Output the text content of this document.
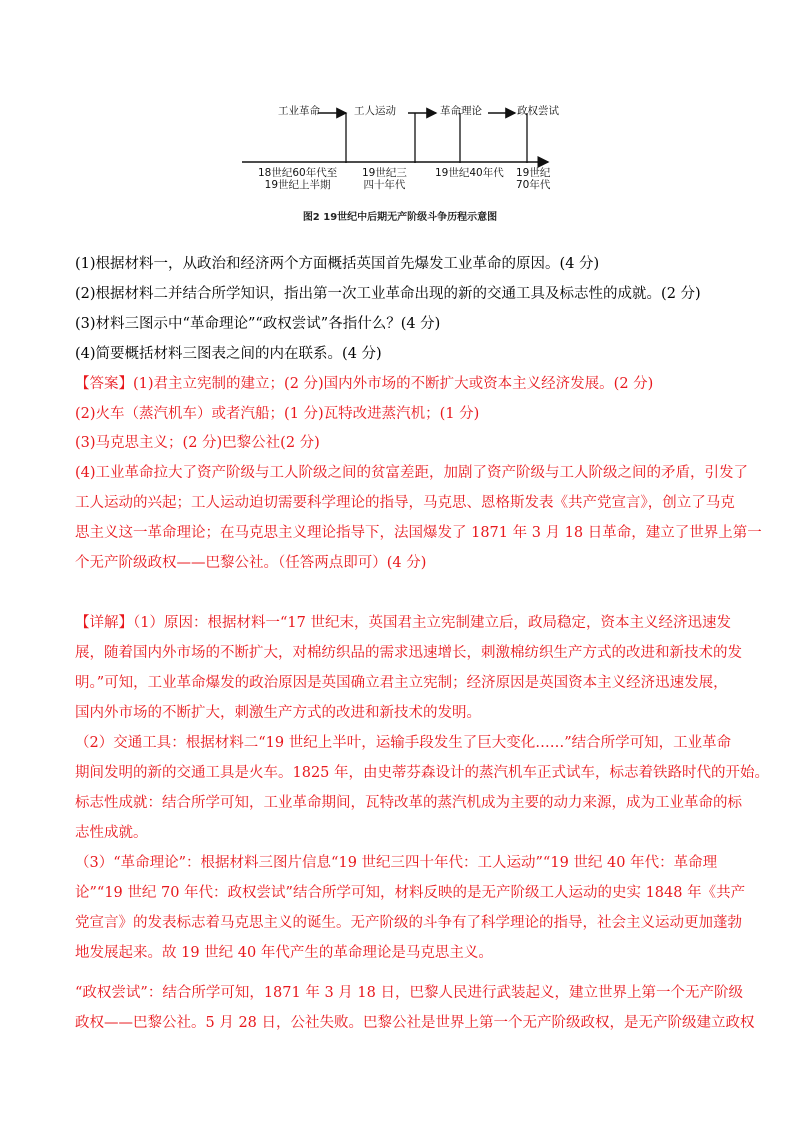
工业革命	工人运动	革命理论	政权尝试
18世纪60年代至
19世纪上半期
19世纪三
四十年代
19世纪40年代 19世纪
70年代
图2 19世纪中后期无产阶级斗争历程示意图
(1)根据材料一，从政治和经济两个方面概括英国首先爆发工业革命的原因。(4 分)
(2)根据材料二并结合所学知识，指出第一次工业革命出现的新的交通工具及标志性的成就。(2 分)
(3)材料三图示中“革命理论”“政权尝试”各指什么？(4 分)
(4)简要概括材料三图表之间的内在联系。(4 分)
【答案】(1)君主立宪制的建立；(2 分)国内外市场的不断扩大或资本主义经济发展。(2 分)
(2)火车（蒸汽机车）或者汽船；(1 分)瓦特改进蒸汽机；(1 分)
(3)马克思主义；(2 分)巴黎公社(2 分)
(4)工业革命拉大了资产阶级与工人阶级之间的贫富差距，加剧了资产阶级与工人阶级之间的矛盾，引发了
工人运动的兴起；工人运动迫切需要科学理论的指导，马克思、恩格斯发表《共产党宣言》，创立了马克
思主义这一革命理论；在马克思主义理论指导下，法国爆发了 1871 年 3 月 18 日革命，建立了世界上第一
个无产阶级政权——巴黎公社。（任答两点即可）(4 分)
【详解】（1）原因：根据材料一“17 世纪末，英国君主立宪制建立后，政局稳定，资本主义经济迅速发
展，随着国内外市场的不断扩大，对棉纺织品的需求迅速增长，刺激棉纺织生产方式的改进和新技术的发
明。”可知，工业革命爆发的政治原因是英国确立君主立宪制；经济原因是英国资本主义经济迅速发展，
国内外市场的不断扩大，刺激生产方式的改进和新技术的发明。
（2）交通工具：根据材料二“19 世纪上半叶，运输手段发生了巨大变化……”结合所学可知，工业革命
期间发明的新的交通工具是火车。1825 年，由史蒂芬森设计的蒸汽机车正式试车，标志着铁路时代的开始。
标志性成就：结合所学可知，工业革命期间，瓦特改革的蒸汽机成为主要的动力来源，成为工业革命的标
志性成就。
（3）“革命理论”：根据材料三图片信息“19 世纪三四十年代：工人运动”“19 世纪 40 年代：革命理
论”“19 世纪 70 年代：政权尝试”结合所学可知，材料反映的是无产阶级工人运动的史实 1848 年《共产
党宣言》的发表标志着马克思主义的诞生。无产阶级的斗争有了科学理论的指导，社会主义运动更加蓬勃
地发展起来。故 19 世纪 40 年代产生的革命理论是马克思主义。
“政权尝试”：结合所学可知，1871 年 3 月 18 日，巴黎人民进行武装起义，建立世界上第一个无产阶级
政权——巴黎公社。5 月 28 日，公社失败。巴黎公社是世界上第一个无产阶级政权，是无产阶级建立政权
